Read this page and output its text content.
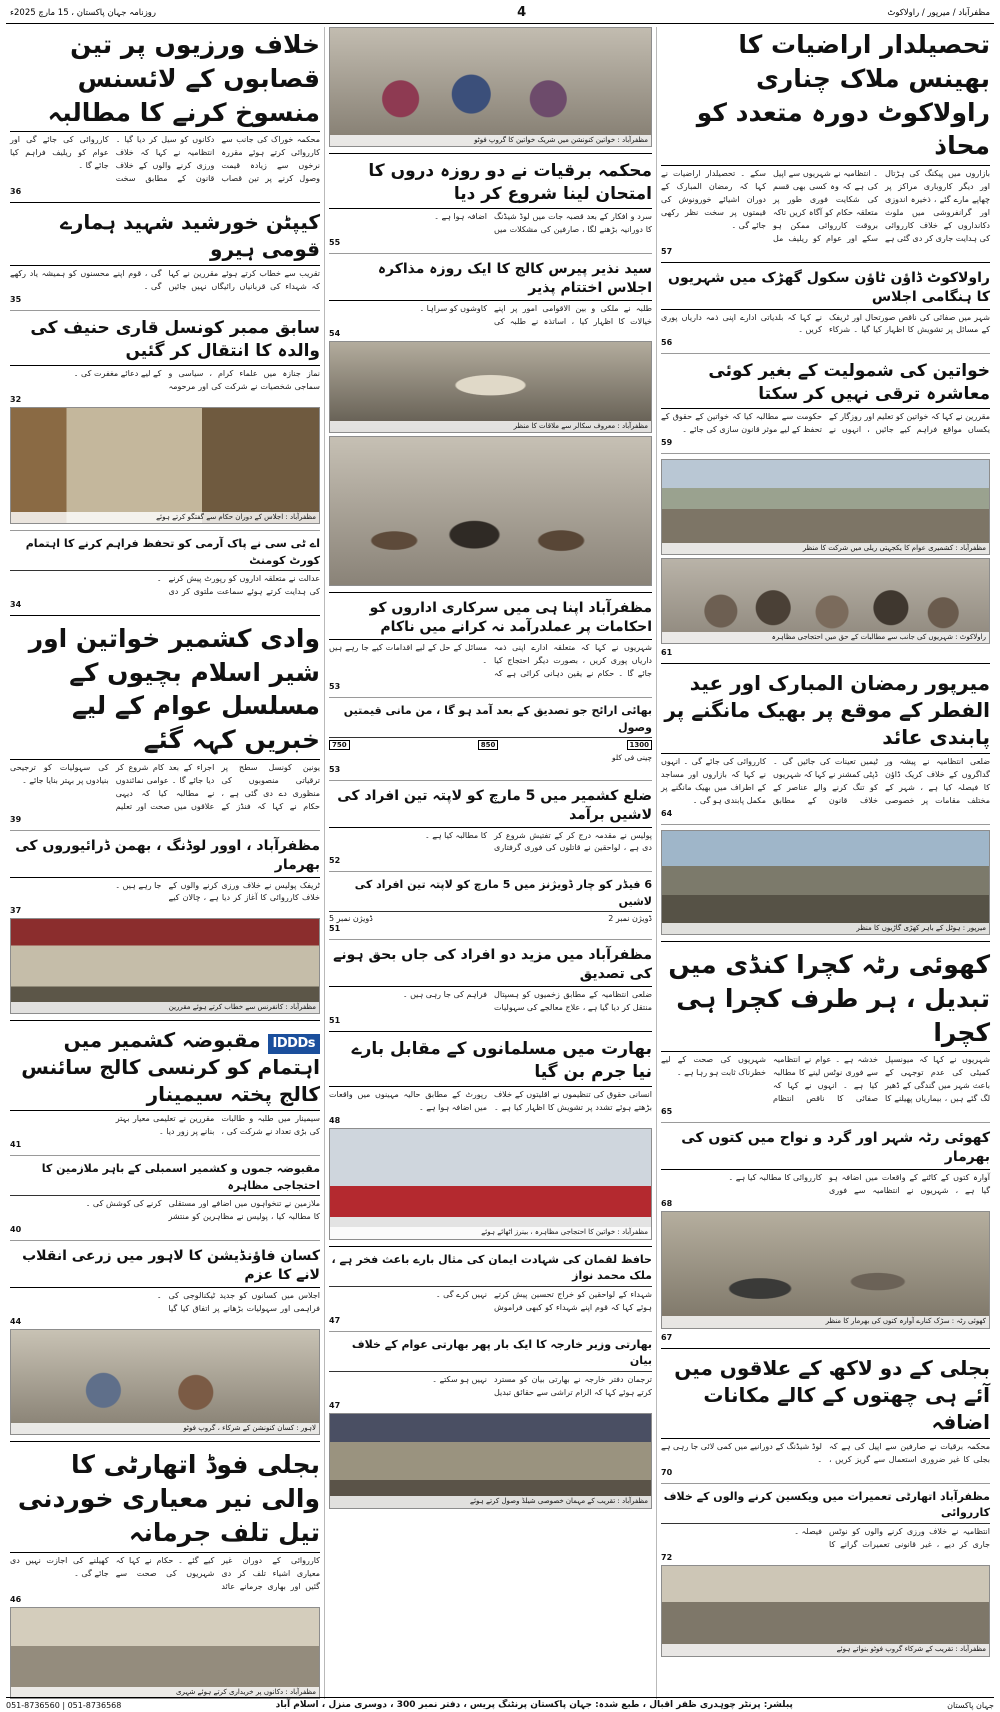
مظفرآباد / میرپور / راولاکوٹ
4
روزنامہ جہان پاکستان ، 15 مارچ 2025ء
تحصیلدار اراضیات کا بھینس ملاک چناری راولاکوٹ دورہ متعدد کو محاذ
بازاروں میں پیکنگ کی ہڑتال اور دیگر کاروباری مراکز پر چھاپے مارے گئے ، ذخیرہ اندوزی اور گرانفروشی میں ملوث دکانداروں کے خلاف کارروائی کی ہدایت جاری کر دی گئی ہے ۔ انتظامیہ نے شہریوں سے اپیل کی ہے کہ وہ کسی بھی قسم کی شکایت فوری طور پر متعلقہ حکام کو آگاہ کریں تاکہ بروقت کارروائی ممکن ہو سکے اور عوام کو ریلیف مل سکے ۔ تحصیلدار اراضیات نے کہا کہ رمضان المبارک کے دوران اشیائے خورونوش کی قیمتوں پر سخت نظر رکھی جائے گی ۔
57
راولاکوٹ ڈاؤن ٹاؤن سکول گھڑک میں شہریوں کا ہنگامی اجلاس
شہر میں صفائی کی ناقص صورتحال اور ٹریفک کے مسائل پر تشویش کا اظہار کیا گیا ۔ شرکاء نے کہا کہ بلدیاتی ادارے اپنی ذمہ داریاں پوری کریں ۔
56
خواتین کی شمولیت کے بغیر کوئی معاشرہ ترقی نہیں کر سکتا
مقررین نے کہا کہ خواتین کو تعلیم اور روزگار کے یکساں مواقع فراہم کیے جائیں ، انہوں نے حکومت سے مطالبہ کیا کہ خواتین کے حقوق کے تحفظ کے لیے موثر قانون سازی کی جائے ۔
59
مظفرآباد : کشمیری عوام کا یکجہتی ریلی میں شرکت کا منظر
راولاکوٹ : شہریوں کی جانب سے مطالبات کے حق میں احتجاجی مظاہرہ
61
میرپور رمضان المبارک اور عید الفطر کے موقع پر بھیک مانگنے پر پابندی عائد
ضلعی انتظامیہ نے پیشہ ور گداگروں کے خلاف کریک ڈاؤن کا فیصلہ کیا ہے ، شہر کے مختلف مقامات پر خصوصی ٹیمیں تعینات کی جائیں گی ۔ ڈپٹی کمشنر نے کہا کہ شہریوں کو تنگ کرنے والے عناصر کے خلاف قانون کے مطابق کارروائی کی جائے گی ۔ انہوں نے کہا کہ بازاروں اور مساجد کے اطراف میں بھیک مانگنے پر مکمل پابندی ہو گی ۔
64
میرپور : ہوٹل کے باہر کھڑی گاڑیوں کا منظر
کھوئی رٹہ کچرا کنڈی میں تبدیل ، ہر طرف کچرا ہی کچرا
شہریوں نے کہا کہ میونسپل کمیٹی کی عدم توجہی کے باعث شہر میں گندگی کے ڈھیر لگ گئے ہیں ، بیماریاں پھیلنے کا خدشہ ہے ۔ عوام نے انتظامیہ سے فوری نوٹس لینے کا مطالبہ کیا ہے ۔ انہوں نے کہا کہ صفائی کا ناقص انتظام شہریوں کی صحت کے لیے خطرناک ثابت ہو رہا ہے ۔
65
کھوئی رٹہ شہر اور گرد و نواح میں کتوں کی بھرمار
آوارہ کتوں کے کاٹنے کے واقعات میں اضافہ ہو گیا ہے ، شہریوں نے انتظامیہ سے فوری کارروائی کا مطالبہ کیا ہے ۔
68
کھوئی رٹہ : سڑک کنارے آوارہ کتوں کی بھرمار کا منظر
67
بجلی کے دو لاکھ کے علاقوں میں آئے ہی چھتوں کے کالے مکانات اضافہ
محکمہ برقیات نے صارفین سے اپیل کی ہے کہ بجلی کا غیر ضروری استعمال سے گریز کریں ، لوڈ شیڈنگ کے دورانیے میں کمی لائی جا رہی ہے ۔
70
مظفرآباد اتھارٹی تعمیرات میں ویکسین کرنے والوں کے خلاف کارروائی
انتظامیہ نے خلاف ورزی کرنے والوں کو نوٹس جاری کر دیے ، غیر قانونی تعمیرات گرانے کا فیصلہ ۔
72
مظفرآباد : تقریب کے شرکاء گروپ فوٹو بنواتے ہوئے
مظفرآباد : خواتین کنونشن میں شریک خواتین کا گروپ فوٹو
محکمہ برقیات نے دو روزہ دروں کا امتحان لینا شروع کر دیا
سرد و افکار کے بعد قصبہ جات میں لوڈ شیڈنگ کا دورانیہ بڑھنے لگا ، صارفین کی مشکلات میں اضافہ ہوا ہے ۔
55
سید نذیر پیرس کالج کا ایک روزہ مذاکرہ اجلاس اختتام پذیر
طلبہ نے ملکی و بین الاقوامی امور پر اپنے خیالات کا اظہار کیا ، اساتذہ نے طلبہ کی کاوشوں کو سراہا ۔
54
مظفرآباد : معروف سکالر سے ملاقات کا منظر
مظفرآباد اپنا ہی میں سرکاری اداروں کو احکامات پر عملدرآمد نہ کرانے میں ناکام
شہریوں نے کہا کہ متعلقہ ادارے اپنی ذمہ داریاں پوری کریں ، بصورت دیگر احتجاج کیا جائے گا ۔ حکام نے یقین دہانی کرائی ہے کہ مسائل کے حل کے لیے اقدامات کیے جا رہے ہیں ۔
53
بھائی ارائح جو تصدیق کے بعد آمد ہو گا ، من مانی قیمتیں وصول
1300
850
750
چینی فی کلو
53
ضلع کشمیر میں 5 مارچ کو لاپتہ تین افراد کی لاشیں برآمد
پولیس نے مقدمہ درج کر کے تفتیش شروع کر دی ہے ، لواحقین نے قاتلوں کی فوری گرفتاری کا مطالبہ کیا ہے ۔
52
6 فیڈر کو چار ڈویژنز میں 5 مارچ کو لاپتہ تین افراد کی لاشیں
ڈویژن نمبر 2
ڈویژن نمبر 5
51
مظفرآباد میں مزید دو افراد کی جاں بحق ہونے کی تصدیق
ضلعی انتظامیہ کے مطابق زخمیوں کو ہسپتال منتقل کر دیا گیا ہے ، علاج معالجے کی سہولیات فراہم کی جا رہی ہیں ۔
51
بھارت میں مسلمانوں کے مقابل بارے نیا جرم بن گیا
انسانی حقوق کی تنظیموں نے اقلیتوں کے خلاف بڑھتے ہوئے تشدد پر تشویش کا اظہار کیا ہے ۔ رپورٹ کے مطابق حالیہ مہینوں میں واقعات میں اضافہ ہوا ہے ۔
48
مظفرآباد : خواتین کا احتجاجی مظاہرہ ، بینرز اٹھائے ہوئے
حافظ لقمان کی شہادت ایمان کی مثال بارے باعث فخر ہے ، ملک محمد نواز
شہداء کے لواحقین کو خراج تحسین پیش کرتے ہوئے کہا کہ قوم اپنے شہداء کو کبھی فراموش نہیں کرے گی ۔
47
بھارتی وزیر خارجہ کا ایک بار پھر بھارتی عوام کے خلاف بیان
ترجمان دفتر خارجہ نے بھارتی بیان کو مسترد کرتے ہوئے کہا کہ الزام تراشی سے حقائق تبدیل نہیں ہو سکتے ۔
47
مظفرآباد : تقریب کے مہمان خصوصی شیلڈ وصول کرتے ہوئے
خلاف ورزیوں پر تین قصابوں کے لائسنس منسوخ کرنے کا مطالبہ
محکمہ خوراک کی جانب سے کارروائی کرتے ہوئے مقررہ نرخوں سے زیادہ قیمت وصول کرنے پر تین قصاب دکانوں کو سیل کر دیا گیا ۔ انتظامیہ نے کہا کہ خلاف ورزی کرنے والوں کے خلاف قانون کے مطابق سخت کارروائی کی جائے گی اور عوام کو ریلیف فراہم کیا جائے گا ۔
36
کیپٹن خورشید شہید ہمارے قومی ہیرو
تقریب سے خطاب کرتے ہوئے مقررین نے کہا کہ شہداء کی قربانیاں رائیگاں نہیں جائیں گی ، قوم اپنے محسنوں کو ہمیشہ یاد رکھے گی ۔
35
سابق ممبر کونسل قاری حنیف کی والدہ کا انتقال کر گئیں
نماز جنازہ میں علماء کرام ، سیاسی و سماجی شخصیات نے شرکت کی اور مرحومہ کے لیے دعائے مغفرت کی ۔
32
مظفرآباد : اجلاس کے دوران حکام سے گفتگو کرتے ہوئے
اے ٹی سی نے پاک آرمی کو تحفظ فراہم کرنے کا اہتمام کورٹ کومنٹ
عدالت نے متعلقہ اداروں کو رپورٹ پیش کرنے کی ہدایت کرتے ہوئے سماعت ملتوی کر دی ۔
34
وادی کشمیر خواتین اور شیر اسلام بچیوں کے مسلسل عوام کے لیے خبریں کہہ گئے
یونین کونسل سطح پر ترقیاتی منصوبوں کی منظوری دے دی گئی ہے ، حکام نے کہا کہ فنڈز کے اجراء کے بعد کام شروع کر دیا جائے گا ۔ عوامی نمائندوں نے مطالبہ کیا کہ دیہی علاقوں میں صحت اور تعلیم کی سہولیات کو ترجیحی بنیادوں پر بہتر بنایا جائے ۔
39
مظفرآباد ، اوور لوڈنگ ، بھمن ڈرائیوروں کی بھرمار
ٹریفک پولیس نے خلاف ورزی کرنے والوں کے خلاف کارروائی کا آغاز کر دیا ہے ، چالان کیے جا رہے ہیں ۔
37
مظفرآباد : کانفرنس سے خطاب کرتے ہوئے مقررین
IDDDs مقبوضہ کشمیر میں اہتمام کو کرنسی کالج سائنس کالج پختہ سیمینار
سیمینار میں طلبہ و طالبات کی بڑی تعداد نے شرکت کی ، مقررین نے تعلیمی معیار بہتر بنانے پر زور دیا ۔
41
مقبوضہ جموں و کشمیر اسمبلی کے باہر ملازمین کا احتجاجی مظاہرہ
ملازمین نے تنخواہوں میں اضافے اور مستقلی کا مطالبہ کیا ، پولیس نے مظاہرین کو منتشر کرنے کی کوشش کی ۔
40
کسان فاؤنڈیشن کا لاہور میں زرعی انقلاب لانے کا عزم
اجلاس میں کسانوں کو جدید ٹیکنالوجی کی فراہمی اور سہولیات بڑھانے پر اتفاق کیا گیا ۔
44
لاہور : کسان کنونشن کے شرکاء ، گروپ فوٹو
بجلی فوڈ اتھارٹی کا والی نیر معیاری خوردنی تیل تلف جرمانہ
کارروائی کے دوران غیر معیاری اشیاء تلف کر دی گئیں اور بھاری جرمانے عائد کیے گئے ۔ حکام نے کہا کہ شہریوں کی صحت سے کھیلنے کی اجازت نہیں دی جائے گی ۔
46
مظفرآباد : دکانوں پر خریداری کرتے ہوئے شہری
جہان پاکستان
پبلشر: پرنٹر چوہدری ظفر اقبال ، طبع شدہ: جہان پاکستان پرنٹنگ پریس ، دفتر نمبر 300 ، دوسری منزل ، اسلام آباد
051-8736568 | 051-8736560
